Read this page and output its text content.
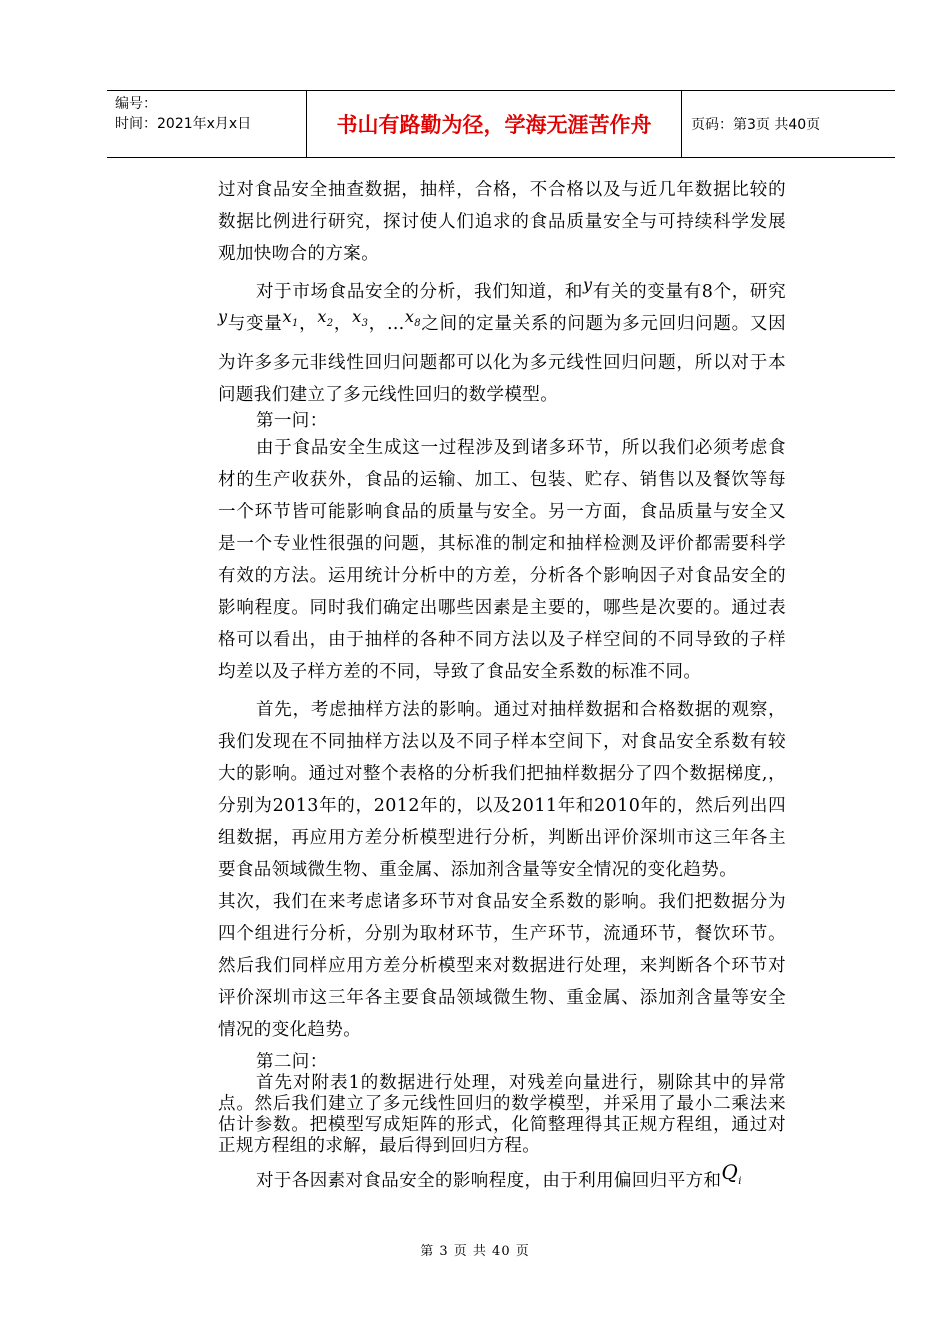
编号：
时间：2021年x月x日	书山有路勤为径，学海无涯苦作舟	页码：第3页 共40页

过对食品安全抽查数据，抽样，合格，不合格以及与近几年数据比较的数据比例进行研究，探讨使人们追求的食品质量安全与可持续科学发展观加快吻合的方案。

对于市场食品安全的分析，我们知道，和y有关的变量有8个，研究y与变量$x_1$，$x_2$，$x_3$，$\dots x_8$之间的定量关系的问题为多元回归问题。又因为许多多元非线性回归问题都可以化为多元线性回归问题，所以对于本问题我们建立了多元线性回归的数学模型。

第一问：

由于食品安全生成这一过程涉及到诸多环节，所以我们必须考虑食材的生产收获外，食品的运输、加工、包装、贮存、销售以及餐饮等每一个环节皆可能影响食品的质量与安全。另一方面，食品质量与安全又是一个专业性很强的问题，其标准的制定和抽样检测及评价都需要科学有效的方法。运用统计分析中的方差，分析各个影响因子对食品安全的影响程度。同时我们确定出哪些因素是主要的，哪些是次要的。通过表格可以看出，由于抽样的各种不同方法以及子样空间的不同导致的子样均差以及子样方差的不同，导致了食品安全系数的标准不同。

首先，考虑抽样方法的影响。通过对抽样数据和合格数据的观察，我们发现在不同抽样方法以及不同子样本空间下，对食品安全系数有较大的影响。通过对整个表格的分析我们把抽样数据分了四个数据梯度,，分别为2013年的，2012年的，以及2011年和2010年的，然后列出四组数据，再应用方差分析模型进行分析，判断出评价深圳市这三年各主要食品领域微生物、重金属、添加剂含量等安全情况的变化趋势。

其次，我们在来考虑诸多环节对食品安全系数的影响。我们把数据分为四个组进行分析，分别为取材环节，生产环节，流通环节，餐饮环节。然后我们同样应用方差分析模型来对数据进行处理，来判断各个环节对评价深圳市这三年各主要食品领域微生物、重金属、添加剂含量等安全情况的变化趋势。

第二问：

首先对附表1的数据进行处理，对残差向量进行，剔除其中的异常点。然后我们建立了多元线性回归的数学模型，并采用了最小二乘法来估计参数。把模型写成矩阵的形式，化简整理得其正规方程组，通过对正规方程组的求解，最后得到回归方程。

对于各因素对食品安全的影响程度，由于利用偏回归平方和$Q_i$

第 3 页 共 40 页
